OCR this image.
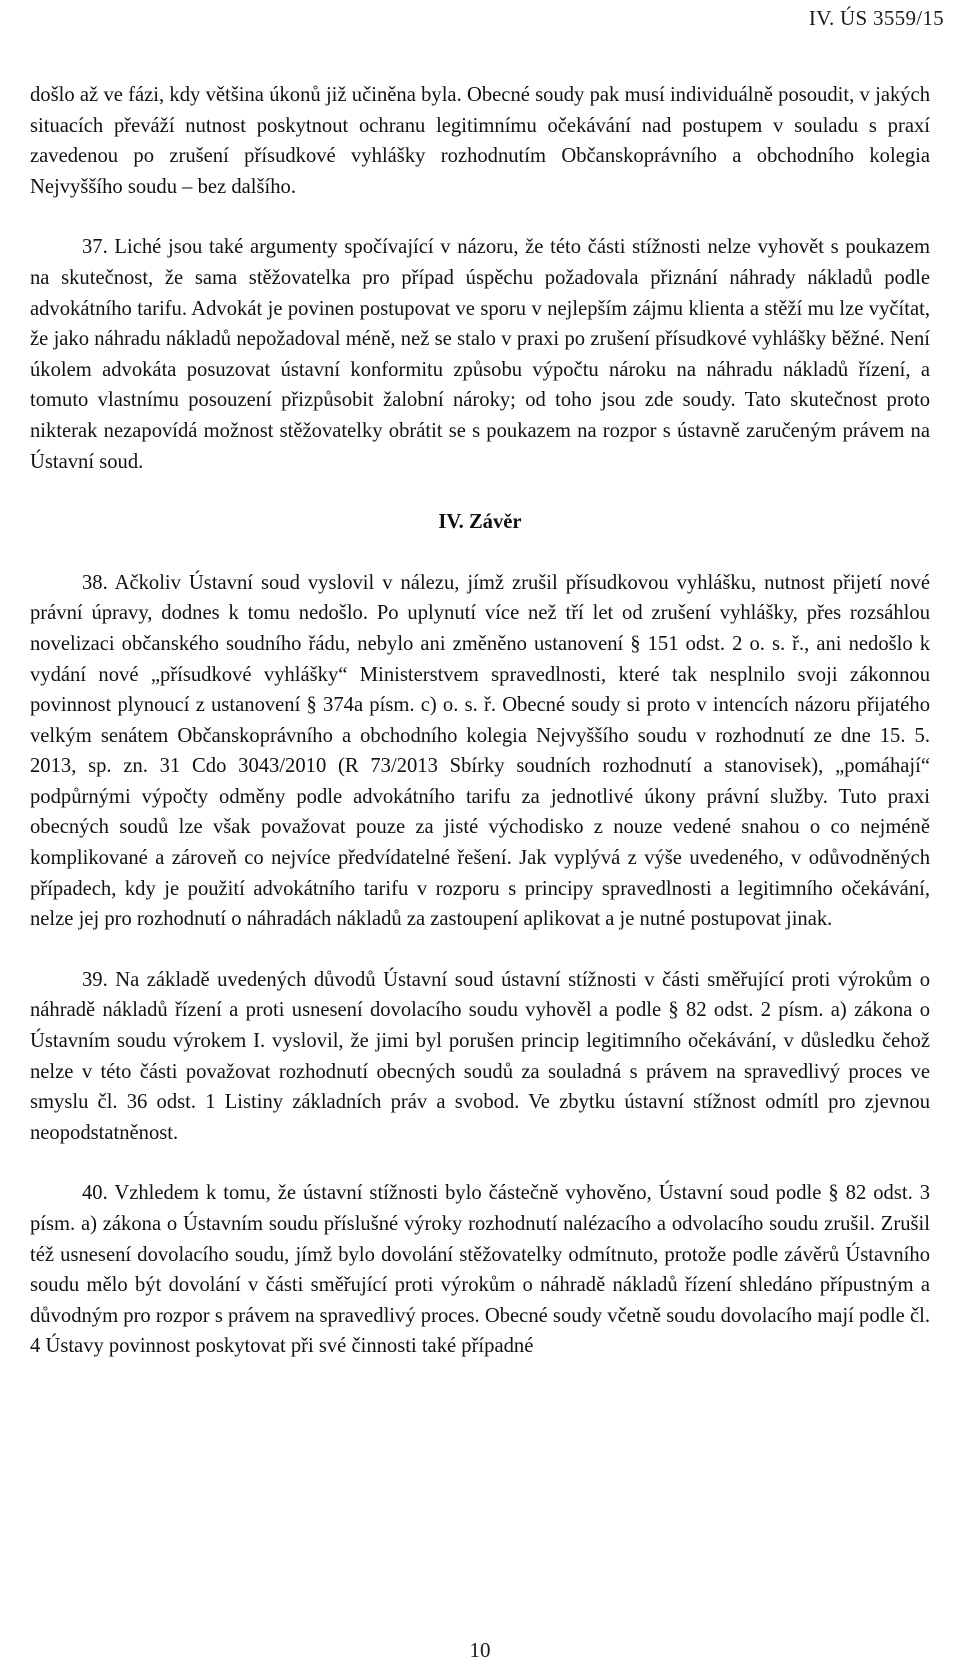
IV. ÚS 3559/15

došlo až ve fázi, kdy většina úkonů již učiněna byla. Obecné soudy pak musí individuálně posoudit, v jakých situacích převáží nutnost poskytnout ochranu legitimnímu očekávání nad postupem v souladu s praxí zavedenou po zrušení přísudkové vyhlášky rozhodnutím Občanskoprávního a obchodního kolegia Nejvyššího soudu – bez dalšího.

37. Liché jsou také argumenty spočívající v názoru, že této části stížnosti nelze vyhovět s poukazem na skutečnost, že sama stěžovatelka pro případ úspěchu požadovala přiznání náhrady nákladů podle advokátního tarifu. Advokát je povinen postupovat ve sporu v nejlepším zájmu klienta a stěží mu lze vyčítat, že jako náhradu nákladů nepožadoval méně, než se stalo v praxi po zrušení přísudkové vyhlášky běžné. Není úkolem advokáta posuzovat ústavní konformitu způsobu výpočtu nároku na náhradu nákladů řízení, a tomuto vlastnímu posouzení přizpůsobit žalobní nároky; od toho jsou zde soudy. Tato skutečnost proto nikterak nezapovídá možnost stěžovatelky obrátit se s poukazem na rozpor s ústavně zaručeným právem na Ústavní soud.

IV. Závěr

38. Ačkoliv Ústavní soud vyslovil v nálezu, jímž zrušil přísudkovou vyhlášku, nutnost přijetí nové právní úpravy, dodnes k tomu nedošlo. Po uplynutí více než tří let od zrušení vyhlášky, přes rozsáhlou novelizaci občanského soudního řádu, nebylo ani změněno ustanovení § 151 odst. 2 o. s. ř., ani nedošlo k vydání nové „přísudkové vyhlášky“ Ministerstvem spravedlnosti, které tak nesplnilo svoji zákonnou povinnost plynoucí z ustanovení § 374a písm. c) o. s. ř. Obecné soudy si proto v intencích názoru přijatého velkým senátem Občanskoprávního a obchodního kolegia Nejvyššího soudu v rozhodnutí ze dne 15. 5. 2013, sp. zn. 31 Cdo 3043/2010 (R 73/2013 Sbírky soudních rozhodnutí a stanovisek), „pomáhají“ podpůrnými výpočty odměny podle advokátního tarifu za jednotlivé úkony právní služby. Tuto praxi obecných soudů lze však považovat pouze za jisté východisko z nouze vedené snahou o co nejméně komplikované a zároveň co nejvíce předvídatelné řešení. Jak vyplývá z výše uvedeného, v odůvodněných případech, kdy je použití advokátního tarifu v rozporu s principy spravedlnosti a legitimního očekávání, nelze jej pro rozhodnutí o náhradách nákladů za zastoupení aplikovat a je nutné postupovat jinak.

39. Na základě uvedených důvodů Ústavní soud ústavní stížnosti v části směřující proti výrokům o náhradě nákladů řízení a proti usnesení dovolacího soudu vyhověl a podle § 82 odst. 2 písm. a) zákona o Ústavním soudu výrokem I. vyslovil, že jimi byl porušen princip legitimního očekávání, v důsledku čehož nelze v této části považovat rozhodnutí obecných soudů za souladná s právem na spravedlivý proces ve smyslu čl. 36 odst. 1 Listiny základních práv a svobod. Ve zbytku ústavní stížnost odmítl pro zjevnou neopodstatněnost.

40. Vzhledem k tomu, že ústavní stížnosti bylo částečně vyhověno, Ústavní soud podle § 82 odst. 3 písm. a) zákona o Ústavním soudu příslušné výroky rozhodnutí nalézacího a odvolacího soudu zrušil. Zrušil též usnesení dovolacího soudu, jímž bylo dovolání stěžovatelky odmítnuto, protože podle závěrů Ústavního soudu mělo být dovolání v části směřující proti výrokům o náhradě nákladů řízení shledáno přípustným a důvodným pro rozpor s právem na spravedlivý proces. Obecné soudy včetně soudu dovolacího mají podle čl. 4 Ústavy povinnost poskytovat při své činnosti také případné

10
